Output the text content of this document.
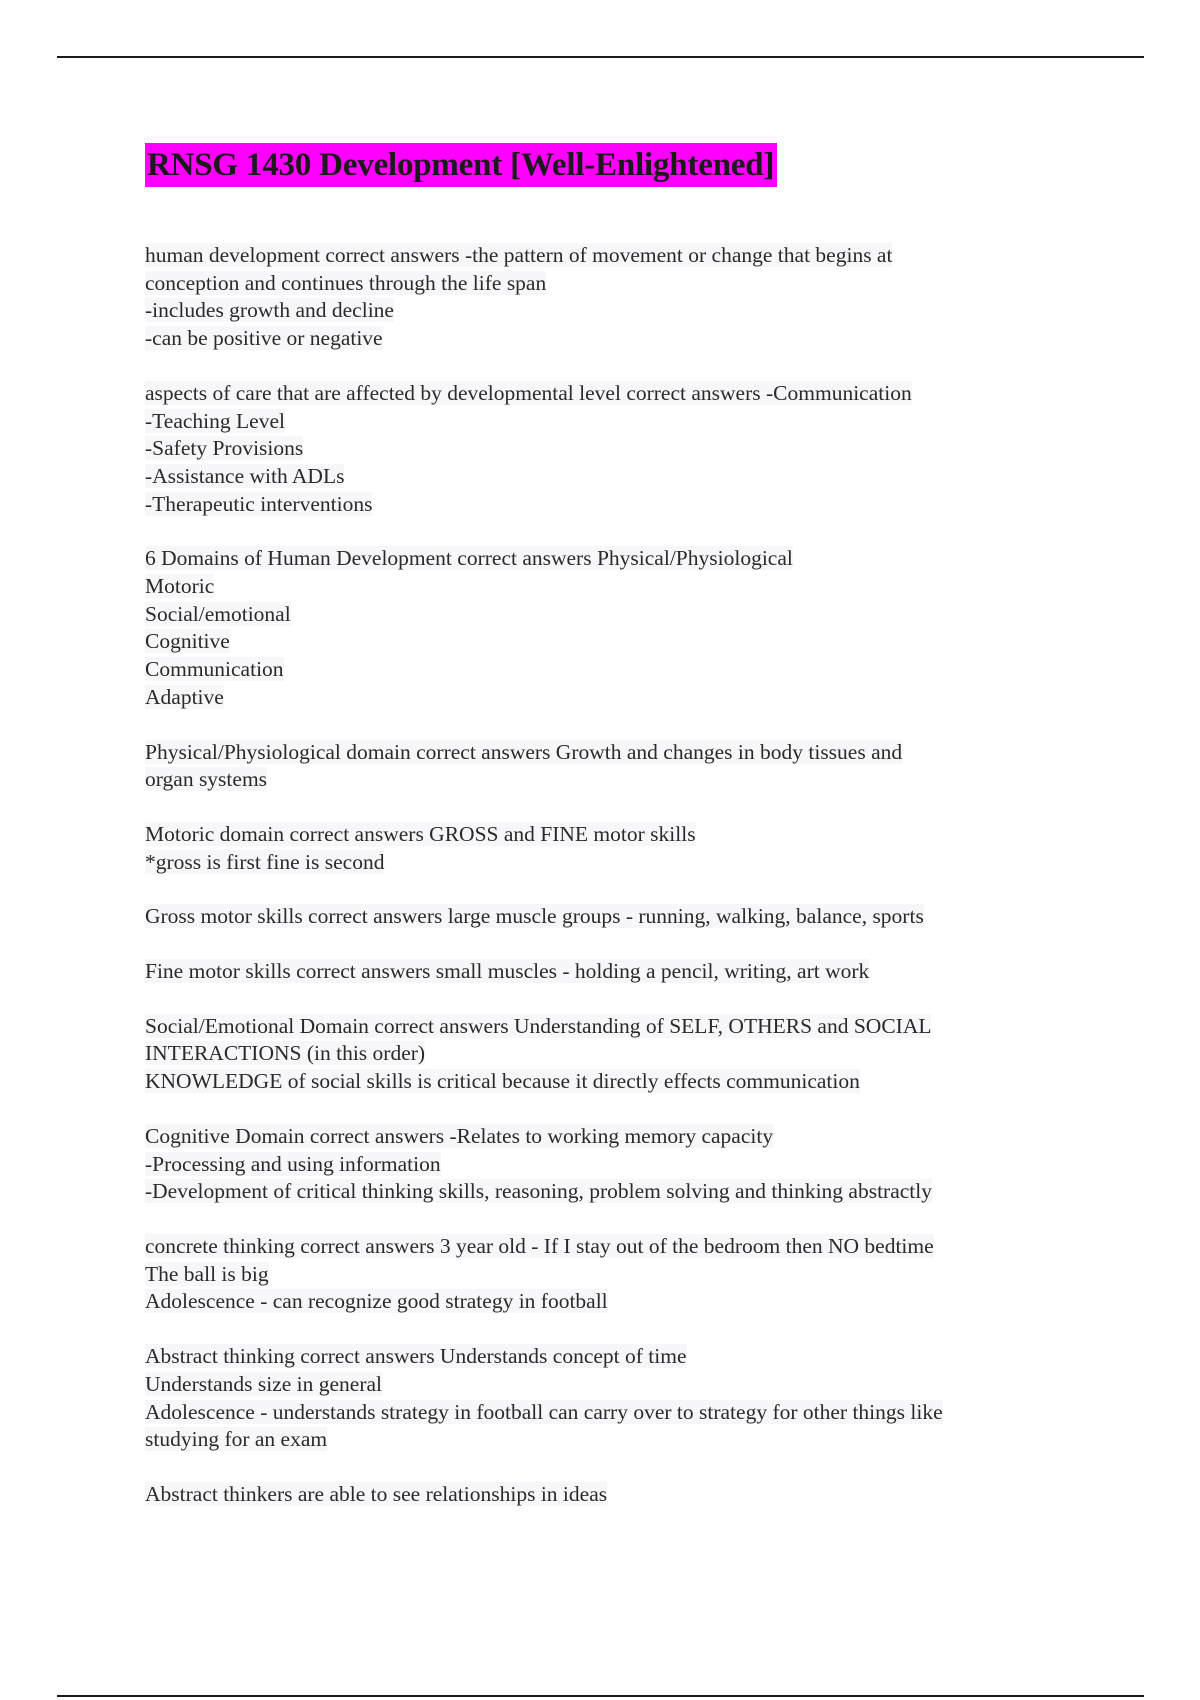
RNSG 1430 Development [Well-Enlightened]
human development correct answers -the pattern of movement or change that begins at
conception and continues through the life span
-includes growth and decline
-can be positive or negative
aspects of care that are affected by developmental level correct answers -Communication
-Teaching Level
-Safety Provisions
-Assistance with ADLs
-Therapeutic interventions
6 Domains of Human Development correct answers Physical/Physiological
Motoric
Social/emotional
Cognitive
Communication
Adaptive
Physical/Physiological domain correct answers Growth and changes in body tissues and
organ systems
Motoric domain correct answers GROSS and FINE motor skills
*gross is first fine is second
Gross motor skills correct answers large muscle groups - running, walking, balance, sports
Fine motor skills correct answers small muscles - holding a pencil, writing, art work
Social/Emotional Domain correct answers Understanding of SELF, OTHERS and SOCIAL
INTERACTIONS (in this order)
KNOWLEDGE of social skills is critical because it directly effects communication
Cognitive Domain correct answers -Relates to working memory capacity
-Processing and using information
-Development of critical thinking skills, reasoning, problem solving and thinking abstractly
concrete thinking correct answers 3 year old - If I stay out of the bedroom then NO bedtime
The ball is big
Adolescence - can recognize good strategy in football
Abstract thinking correct answers Understands concept of time
Understands size in general
Adolescence - understands strategy in football can carry over to strategy for other things like
studying for an exam
Abstract thinkers are able to see relationships in ideas
